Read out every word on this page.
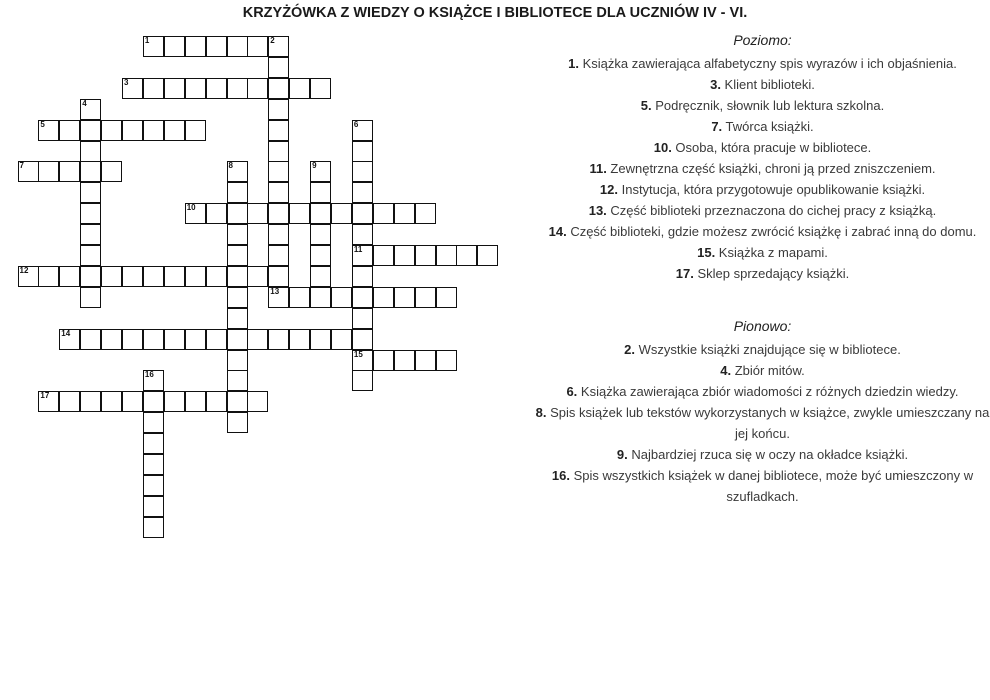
KRZYŻÓWKA Z WIEDZY O KSIĄŻCE I BIBLIOTECE DLA UCZNIÓW IV - VI.
1	2
3
4
5	6
11
15
7	8	9
10
12
13
14
16
17
Poziomo:
1. Książka zawierająca alfabetyczny spis wyrazów i ich objaśnienia.
3. Klient biblioteki.
5. Podręcznik, słownik lub lektura szkolna.
7. Twórca książki.
10. Osoba, która pracuje w bibliotece.
11. Zewnętrzna część książki, chroni ją przed zniszczeniem.
12. Instytucja, która przygotowuje opublikowanie książki.
13. Część biblioteki przeznaczona do cichej pracy z książką.
14. Część biblioteki, gdzie możesz zwrócić książkę i zabrać inną do domu.
15. Książka z mapami.
17. Sklep sprzedający książki.
Pionowo:
2. Wszystkie książki znajdujące się w bibliotece.
4. Zbiór mitów.
6. Książka zawierająca zbiór wiadomości z różnych dziedzin wiedzy.
8. Spis książek lub tekstów wykorzystanych w książce, zwykle umieszczany na jej końcu.
9. Najbardziej rzuca się w oczy na okładce książki.
16. Spis wszystkich książek w danej bibliotece, może być umieszczony w szufladkach.
